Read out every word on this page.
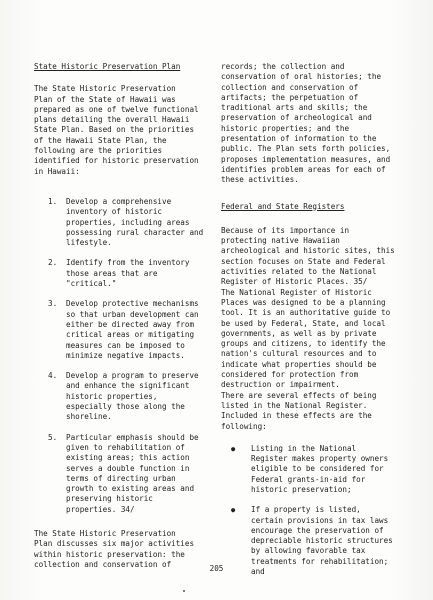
State Historic Preservation Plan

The State Historic Preservation
Plan of the State of Hawaii was
prepared as one of twelve functional
plans detailing the overall Hawaii
State Plan. Based on the priorities
of the Hawaii State Plan, the
following are the priorities
identified for historic preservation
in Hawaii:

1. Develop a comprehensive
inventory of historic
properties, including areas
possessing rural character and
lifestyle.

2. Identify from the inventory
those areas that are
"critical."

3. Develop protective mechanisms
so that urban development can
either be directed away from
critical areas or mitigating
measures can be imposed to
minimize negative impacts.

4. Develop a program to preserve
and enhance the significant
historic properties,
especially those along the
shoreline.

5. Particular emphasis should be
given to rehabilitation of
existing areas; this action
serves a double function in
terms of directing urban
growth to existing areas and
preserving historic
properties. 34/

The State Historic Preservation
Plan discusses six major activities
within historic preservation: the
collection and conservation of

records; the collection and
conservation of oral histories; the
collection and conservation of
artifacts; the perpetuation of
traditional arts and skills; the
preservation of archeological and
historic properties; and the
presentation of information to the
public. The Plan sets forth policies,
proposes implementation measures, and
identifies problem areas for each of
these activities.

Federal and State Registers

Because of its importance in
protecting native Hawaiian
archeological and historic sites, this
section focuses on State and Federal
activities related to the National
Register of Historic Places. 35/
The National Register of Historic
Places was designed to be a planning
tool. It is an authoritative guide to
be used by Federal, State, and local
governments, as well as by private
groups and citizens, to identify the
nation's cultural resources and to
indicate what properties should be
considered for protection from
destruction or impairment.

There are several effects of being
listed in the National Register.
Included in these effects are the
following:

● Listing in the National
Register makes property owners
eligible to be considered for
Federal grants-in-aid for
historic preservation;

● If a property is listed,
certain provisions in tax laws
encourage the preservation of
depreciable historic structures
by allowing favorable tax
treatments for rehabilitation;
and

205
